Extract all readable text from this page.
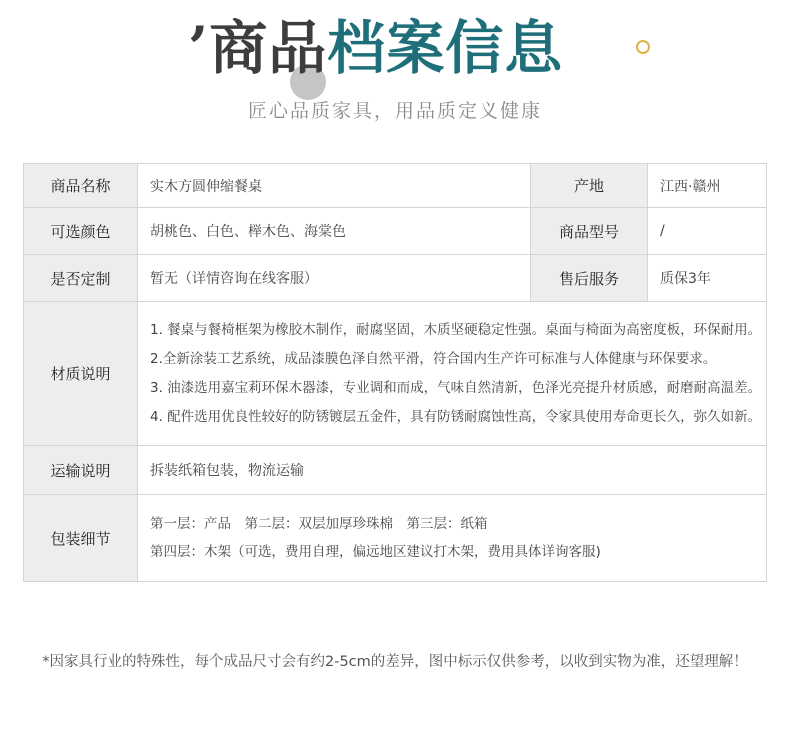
’商品档案信息
匠心品质家具，用品质定义健康
商品名称	实木方圆伸缩餐桌	产地	江西·赣州
可选颜色	胡桃色、白色、榉木色、海棠色	商品型号	/
是否定制	暂无（详情咨询在线客服）	售后服务	质保3年
材质说明	1. 餐桌与餐椅框架为橡胶木制作，耐腐坚固，木质坚硬稳定性强。桌面与椅面为高密度板，环保耐用。
2.全新涂装工艺系统，成品漆膜色泽自然平滑，符合国内生产许可标准与人体健康与环保要求。
3. 油漆选用嘉宝莉环保木器漆，专业调和而成，气味自然清新，色泽光亮提升材质感，耐磨耐高温差。
4. 配件选用优良性较好的防锈镀层五金件，具有防锈耐腐蚀性高，令家具使用寿命更长久，弥久如新。		

运输说明	拆装纸箱包装，物流运输		
包装细节	第一层：产品　第二层：双层加厚珍珠棉　第三层：纸箱
第四层：木架（可选，费用自理，偏远地区建议打木架，费用具体详询客服)		
*因家具行业的特殊性，每个成品尺寸会有约2-5cm的差异，图中标示仅供参考，以收到实物为准，还望理解！
